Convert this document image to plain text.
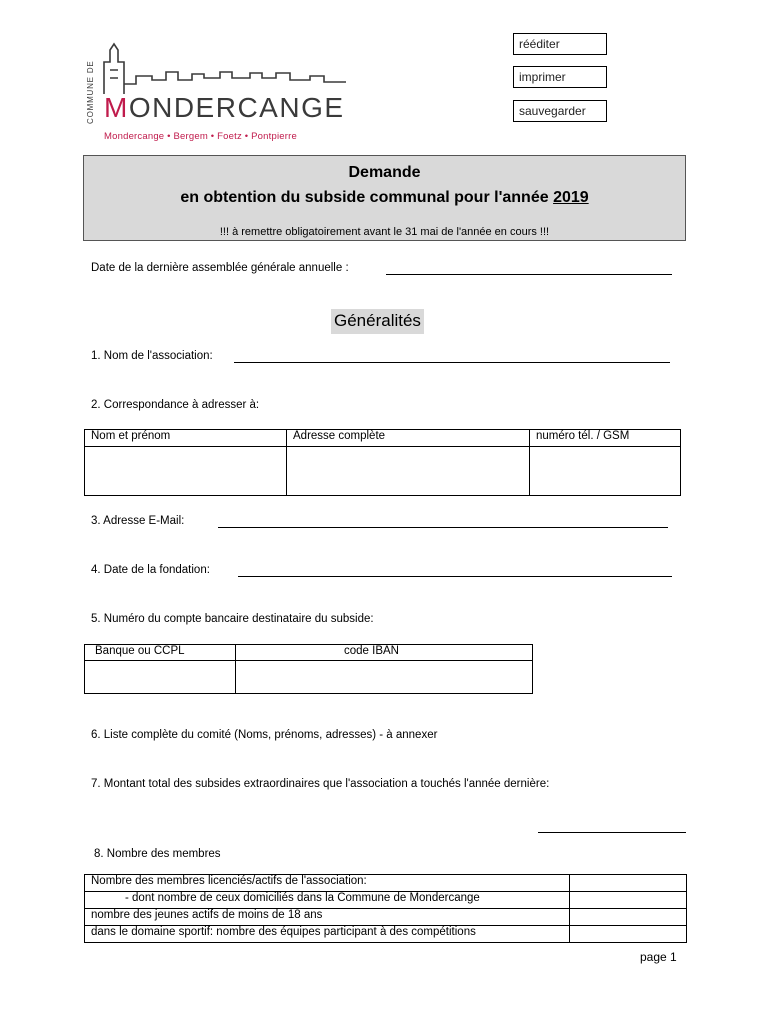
rééditer
imprimer
sauvegarder
COMMUNE DE MONDERCANGE
Mondercange • Bergem • Foetz • Pontpierre
Demande
en obtention du subside communal pour l'année 2019
!!! à remettre obligatoirement avant le 31 mai de l'année en cours !!!
Date de la dernière assemblée générale annuelle :
Généralités
1. Nom de l'association:
2. Correspondance à adresser à:
Nom et prénom	Adresse complète	numéro tél. / GSM

3. Adresse E-Mail:
4. Date de la fondation:
5. Numéro du compte bancaire destinataire du subside:
Banque ou CCPL	code IBAN

6. Liste complète du comité (Noms, prénoms, adresses) - à annexer
7. Montant total des subsides extraordinaires que l'association a touchés l'année dernière:
8. Nombre des membres
Nombre des membres licenciés/actifs de l'association:	
- dont nombre de ceux domiciliés dans la Commune de Mondercange	
nombre des jeunes actifs de moins de 18 ans	
dans le domaine sportif: nombre des équipes participant à des compétitions	
page 1
